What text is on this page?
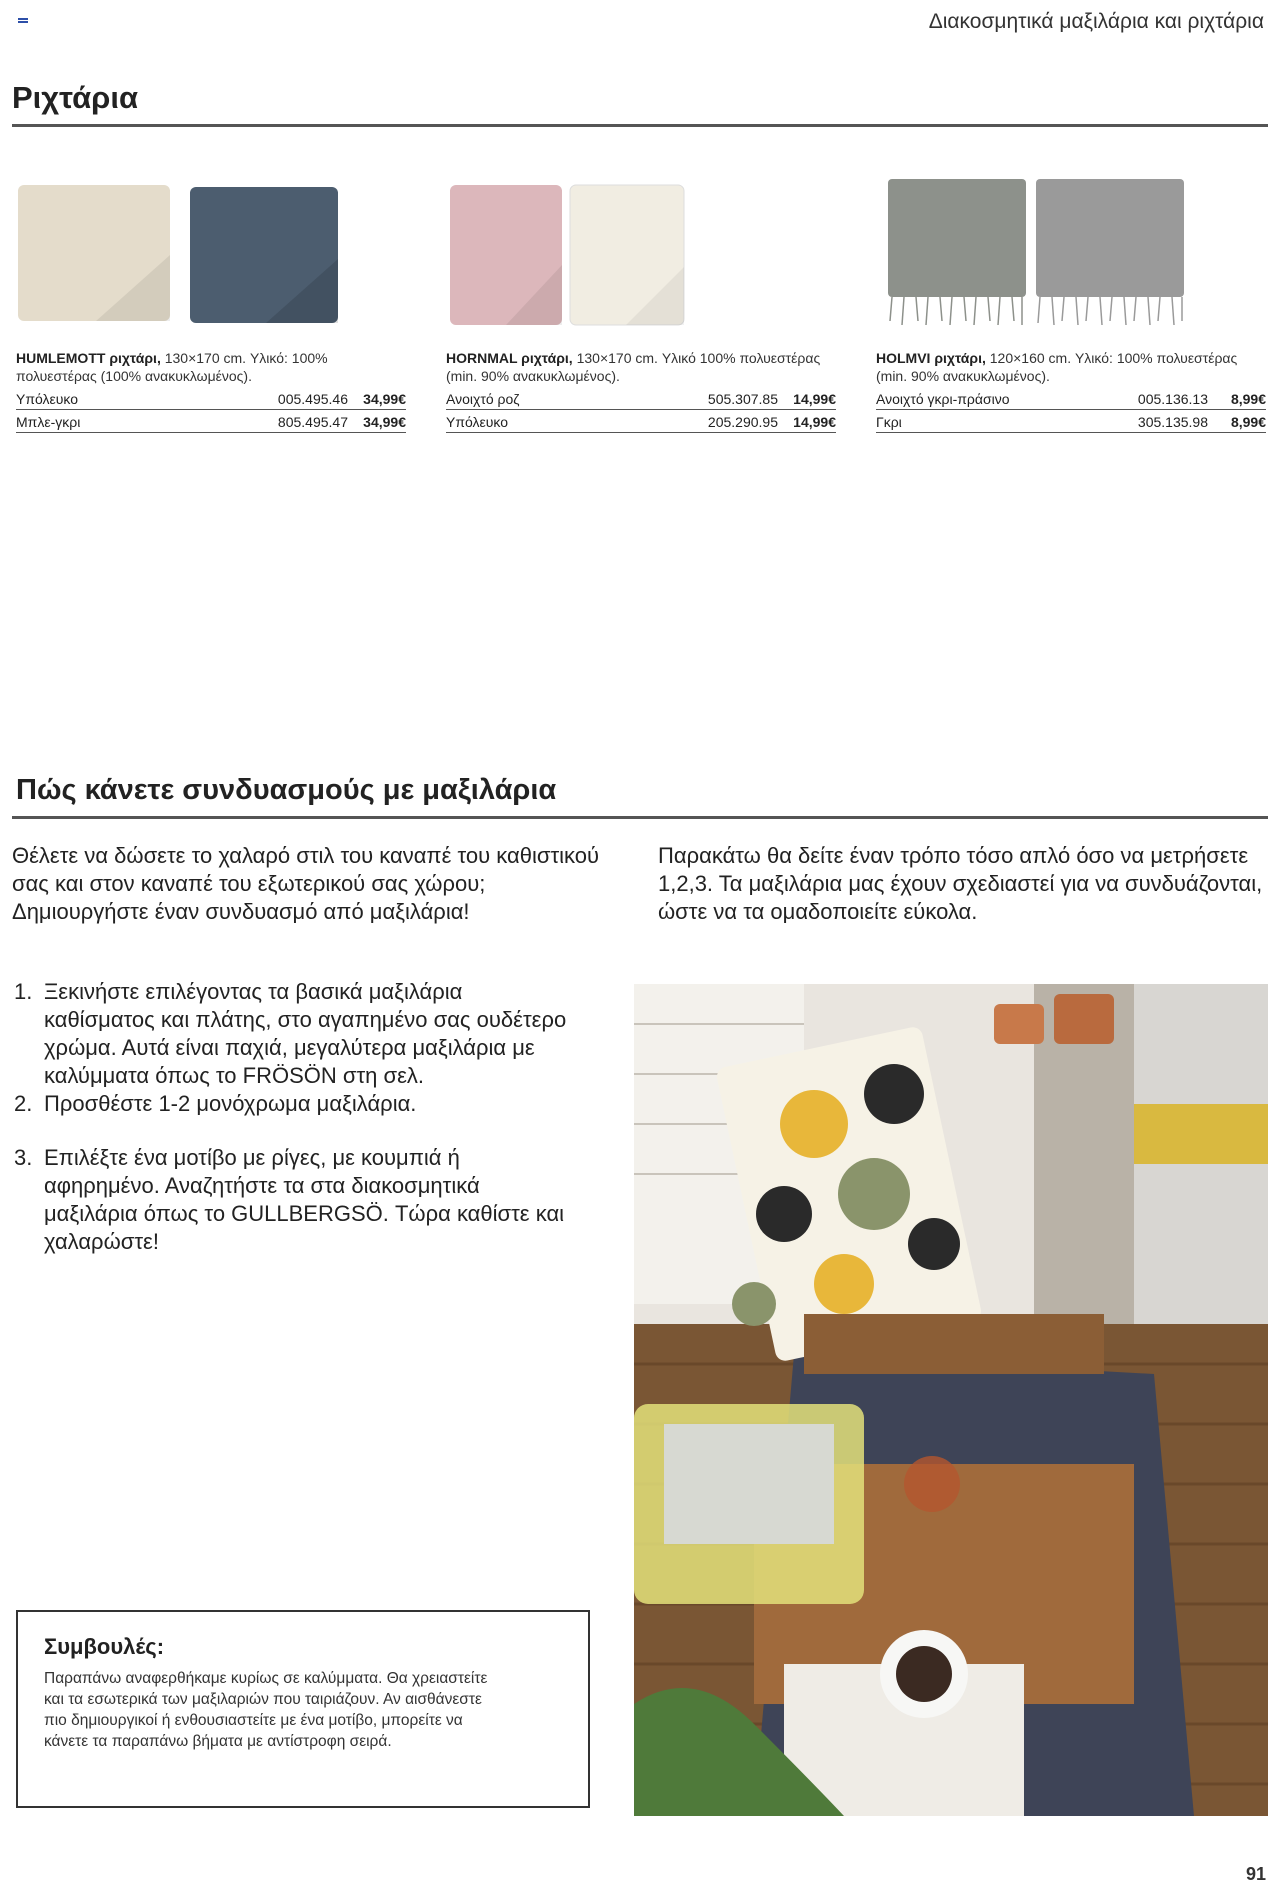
Διακοσμητικά μαξιλάρια και ριχτάρια
Ριχτάρια
HUMLEMOTT ριχτάρι, 130×170 cm. Υλικό: 100% πολυεστέρας (100% ανακυκλωμένος).
Υπόλευκο	005.495.46	34,99€
Μπλε-γκρι	805.495.47	34,99€
HORNMAL ριχτάρι, 130×170 cm. Υλικό 100% πολυεστέρας (min. 90% ανακυκλωμένος).
Ανοιχτό ροζ	505.307.85	14,99€
Υπόλευκο	205.290.95	14,99€
HOLMVI ριχτάρι, 120×160 cm. Υλικό: 100% πολυεστέρας (min. 90% ανακυκλωμένος).
Ανοιχτό γκρι-πράσινο	005.136.13	8,99€
Γκρι	305.135.98	8,99€
Πώς κάνετε συνδυασμούς με μαξιλάρια
Θέλετε να δώσετε το χαλαρό στιλ του καναπέ του καθιστικού σας και στον καναπέ του εξωτερικού σας χώρου; Δημιουργήστε έναν συνδυασμό από μαξιλάρια!
Παρακάτω θα δείτε έναν τρόπο τόσο απλό όσο να μετρήσετε 1,2,3. Τα μαξιλάρια μας έχουν σχεδιαστεί για να συνδυάζονται, ώστε να τα ομαδοποιείτε εύκολα.
1. Ξεκινήστε επιλέγοντας τα βασικά μαξιλάρια καθίσματος και πλάτης, στο αγαπημένο σας ουδέτερο χρώμα. Αυτά είναι παχιά, μεγαλύτερα μαξιλάρια με καλύμματα όπως το FRÖSÖN στη σελ.
2. Προσθέστε 1-2 μονόχρωμα μαξιλάρια.
3. Επιλέξτε ένα μοτίβο με ρίγες, με κουμπιά ή αφηρημένο. Αναζητήστε τα στα διακοσμητικά μαξιλάρια όπως το GULLBERGSÖ. Τώρα καθίστε και χαλαρώστε!
Συμβουλές:
Παραπάνω αναφερθήκαμε κυρίως σε καλύμματα. Θα χρειαστείτε και τα εσωτερικά των μαξιλαριών που ταιριάζουν. Αν αισθάνεστε πιο δημιουργικοί ή ενθουσιαστείτε με ένα μοτίβο, μπορείτε να κάνετε τα παραπάνω βήματα με αντίστροφη σειρά.
91
